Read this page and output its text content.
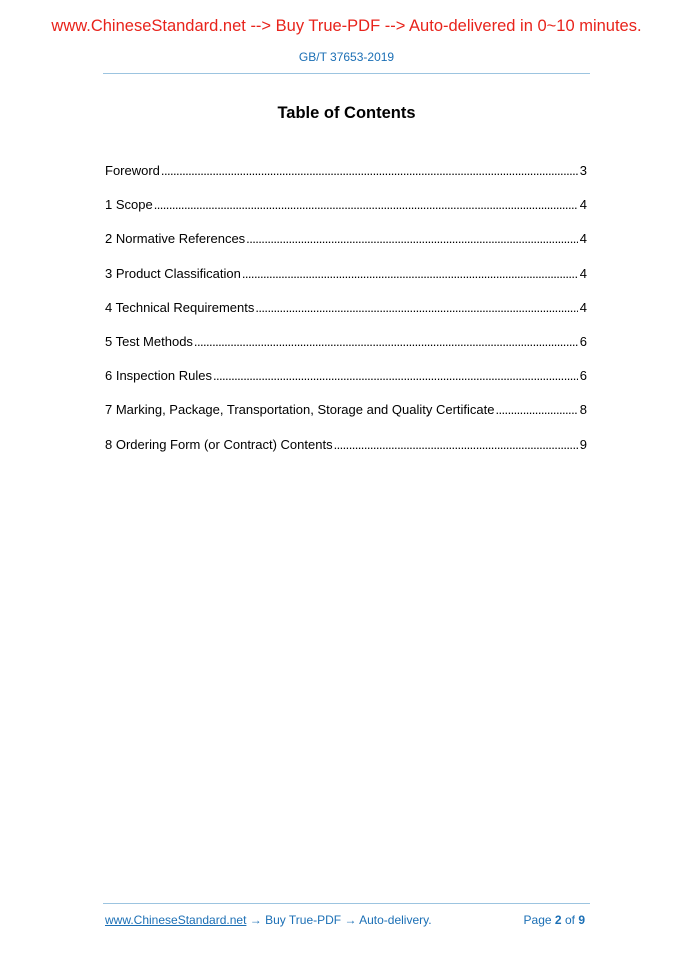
www.ChineseStandard.net --> Buy True-PDF --> Auto-delivered in 0~10 minutes.
GB/T 37653-2019
Table of Contents
Foreword . . .	3
1 Scope . . .	4
2 Normative References . . .	4
3 Product Classification . . .	4
4 Technical Requirements . . .	4
5 Test Methods . . .	6
6 Inspection Rules . . .	6
7 Marking, Package, Transportation, Storage and Quality Certificate . . .	8
8 Ordering Form (or Contract) Contents . . .	9
www.ChineseStandard.net → Buy True-PDF → Auto-delivery.	Page 2 of 9
